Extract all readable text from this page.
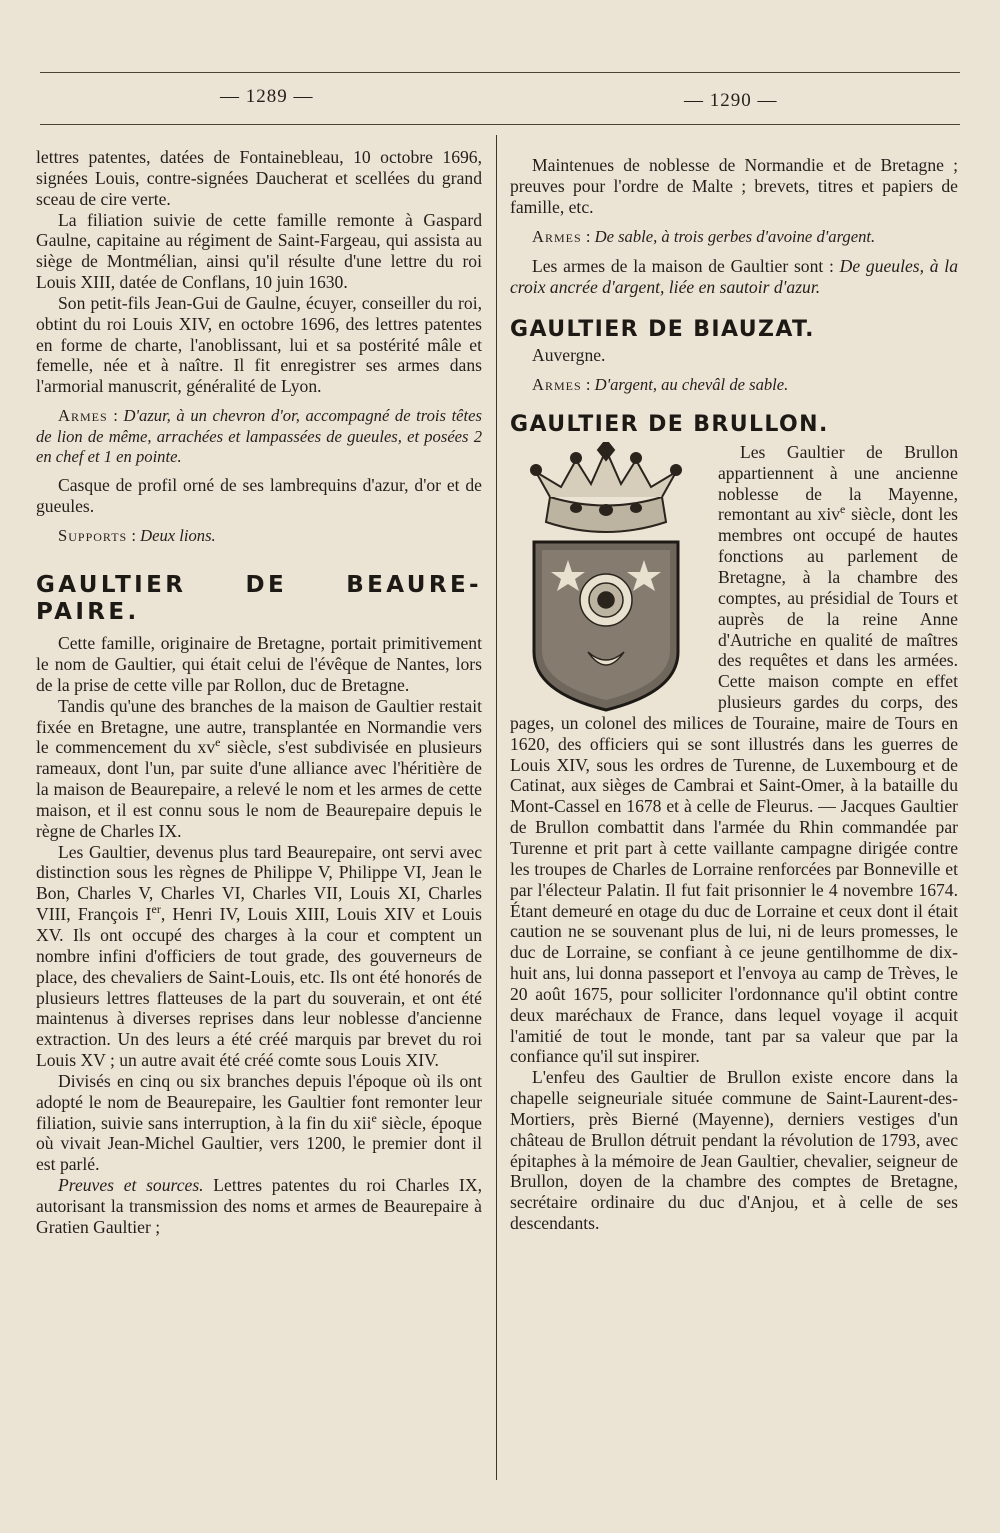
— 1289 —	— 1290 —

lettres patentes, datées de Fontainebleau, 10 octobre 1696, signées Louis, contre-signées Daucherat et scellées du grand sceau de cire verte.

La filiation suivie de cette famille remonte à Gaspard Gaulne, capitaine au régiment de Saint-Fargeau, qui assista au siège de Montmélian, ainsi qu'il résulte d'une lettre du roi Louis XIII, datée de Conflans, 10 juin 1630.

Son petit-fils Jean-Gui de Gaulne, écuyer, conseiller du roi, obtint du roi Louis XIV, en octobre 1696, des lettres patentes en forme de charte, l'anoblissant, lui et sa postérité mâle et femelle, née et à naître. Il fit enregistrer ses armes dans l'armorial manuscrit, généralité de Lyon.

Armes : D'azur, à un chevron d'or, accompagné de trois têtes de lion de même, arrachées et lampassées de gueules, et posées 2 en chef et 1 en pointe.

Casque de profil orné de ses lambrequins d'azur, d'or et de gueules.

Supports : Deux lions.

GAULTIER DE BEAURE-PAIRE.

Cette famille, originaire de Bretagne, portait primitivement le nom de Gaultier, qui était celui de l'évêque de Nantes, lors de la prise de cette ville par Rollon, duc de Bretagne.

Tandis qu'une des branches de la maison de Gaultier restait fixée en Bretagne, une autre, transplantée en Normandie vers le commencement du $xv^e$ siècle, s'est subdivisée en plusieurs rameaux, dont l'un, par suite d'une alliance avec l'héritière de la maison de Beaurepaire, a relevé le nom et les armes de cette maison, et il est connu sous le nom de Beaurepaire depuis le règne de Charles IX.

Les Gaultier, devenus plus tard Beaurepaire, ont servi avec distinction sous les règnes de Philippe V, Philippe VI, Jean le Bon, Charles V, Charles VI, Charles VII, Louis XI, Charles VIII, François Ier, Henri IV, Louis XIII, Louis XIV et Louis XV. Ils ont occupé des charges à la cour et comptent un nombre infini d'officiers de tout grade, des gouverneurs de place, des chevaliers de Saint-Louis, etc. Ils ont été honorés de plusieurs lettres flatteuses de la part du souverain, et ont été maintenus à diverses reprises dans leur noblesse d'ancienne extraction. Un des leurs a été créé marquis par brevet du roi Louis XV ; un autre avait été créé comte sous Louis XIV.

Divisés en cinq ou six branches depuis l'époque où ils ont adopté le nom de Beaurepaire, les Gaultier font remonter leur filiation, suivie sans interruption, à la fin du xii$^e$ siècle, époque où vivait Jean-Michel Gaultier, vers 1200, le premier dont il est parlé.

Preuves et sources. Lettres patentes du roi Charles IX, autorisant la transmission des noms et armes de Beaurepaire à Gratien Gaultier ;

Maintenues de noblesse de Normandie et de Bretagne ; preuves pour l'ordre de Malte ; brevets, titres et papiers de famille, etc.

Armes : De sable, à trois gerbes d'avoine d'argent.

Les armes de la maison de Gaultier sont : De gueules, à la croix ancrée d'argent, liée en sautoir d'azur.

GAULTIER DE BIAUZAT.

Auvergne.

Armes : D'argent, au chevâl de sable.

GAULTIER DE BRULLON.

Les Gaultier de Brullon appartiennent à une ancienne noblesse de la Mayenne, remontant au xiv$^e$ siècle, dont les membres ont occupé de hautes fonctions au parlement de Bretagne, à la chambre des comptes, au présidial de Tours et auprès de la reine Anne d'Autriche en qualité de maîtres des requêtes et dans les armées. Cette maison compte en effet plusieurs gardes du corps, des pages, un colonel des milices de Touraine, maire de Tours en 1620, des officiers qui se sont illustrés dans les guerres de Louis XIV, sous les ordres de Turenne, de Luxembourg et de Catinat, aux sièges de Cambrai et Saint-Omer, à la bataille du Mont-Cassel en 1678 et à celle de Fleurus. — Jacques Gaultier de Brullon combattit dans l'armée du Rhin commandée par Turenne et prit part à cette vaillante campagne dirigée contre les troupes de Charles de Lorraine renforcées par Bonneville et par l'électeur Palatin. Il fut fait prisonnier le 4 novembre 1674. Étant demeuré en otage du duc de Lorraine et ceux dont il était caution ne se souvenant plus de lui, ni de leurs promesses, le duc de Lorraine, se confiant à ce jeune gentilhomme de dix-huit ans, lui donna passeport et l'envoya au camp de Trèves, le 20 août 1675, pour solliciter l'ordonnance qu'il obtint contre deux maréchaux de France, dans lequel voyage il acquit l'amitié de tout le monde, tant par sa valeur que par la confiance qu'il sut inspirer.

L'enfeu des Gaultier de Brullon existe encore dans la chapelle seigneuriale située commune de Saint-Laurent-des-Mortiers, près Bierné (Mayenne), derniers vestiges d'un château de Brullon détruit pendant la révolution de 1793, avec épitaphes à la mémoire de Jean Gaultier, chevalier, seigneur de Brullon, doyen de la chambre des comptes de Bretagne, secrétaire ordinaire du duc d'Anjou, et à celle de ses descendants.
